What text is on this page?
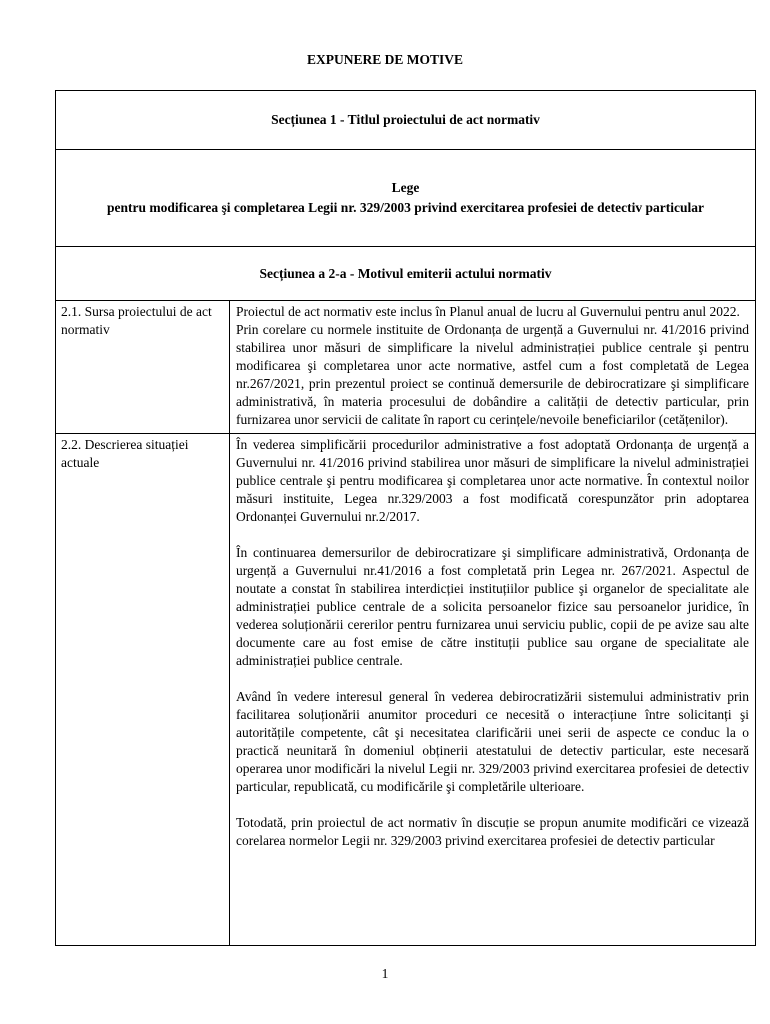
EXPUNERE DE MOTIVE
Secțiunea 1 - Titlul proiectului de act normativ	

Lege
pentru modificarea şi completarea Legii nr. 329/2003 privind exercitarea profesiei de detectiv particular	

Secțiunea a 2-a - Motivul emiterii actului normativ	
2.1. Sursa proiectului de act normativ	Proiectul de act normativ este inclus în Planul anual de lucru al Guvernului pentru anul 2022.

Prin corelare cu normele instituite de Ordonanța de urgență a Guvernului nr. 41/2016 privind stabilirea unor măsuri de simplificare la nivelul administrației publice centrale şi pentru modificarea şi completarea unor acte normative, astfel cum a fost completată de Legea nr.267/2021, prin prezentul proiect se continuă demersurile de debirocratizare şi simplificare administrativă, în materia procesului de dobândire a calității de detectiv particular, prin furnizarea unor servicii de calitate în raport cu cerințele/nevoile beneficiarilor (cetățenilor).

2.2. Descrierea situației actuale	În vederea simplificării procedurilor administrative a fost adoptată Ordonanța de urgență a Guvernului nr. 41/2016 privind stabilirea unor măsuri de simplificare la nivelul administrației publice centrale şi pentru modificarea şi completarea unor acte normative. În contextul noilor măsuri instituite, Legea nr.329/2003 a fost modificată corespunzător prin adoptarea Ordonanței Guvernului nr.2/2017.

În continuarea demersurilor de debirocratizare şi simplificare administrativă, Ordonanța de urgență a Guvernului nr.41/2016 a fost completată prin Legea nr. 267/2021. Aspectul de noutate a constat în stabilirea interdicției instituțiilor publice şi organelor de specialitate ale administrației publice centrale de a solicita persoanelor fizice sau persoanelor juridice, în vederea soluționării cererilor pentru furnizarea unui serviciu public, copii de pe avize sau alte documente care au fost emise de către instituții publice sau organe de specialitate ale administrației publice centrale.

Având în vedere interesul general în vederea debirocratizării sistemului administrativ prin facilitarea soluționării anumitor proceduri ce necesită o interacțiune între solicitanți şi autoritățile competente, cât şi necesitatea clarificării unei serii de aspecte ce conduc la o practică neunitară în domeniul obținerii atestatului de detectiv particular, este necesară operarea unor modificări la nivelul Legii nr. 329/2003 privind exercitarea profesiei de detectiv particular, republicată, cu modificările şi completările ulterioare.

Totodată, prin proiectul de act normativ în discuție se propun anumite modificări ce vizează corelarea normelor Legii nr. 329/2003 privind exercitarea profesiei de detectiv particular

1
